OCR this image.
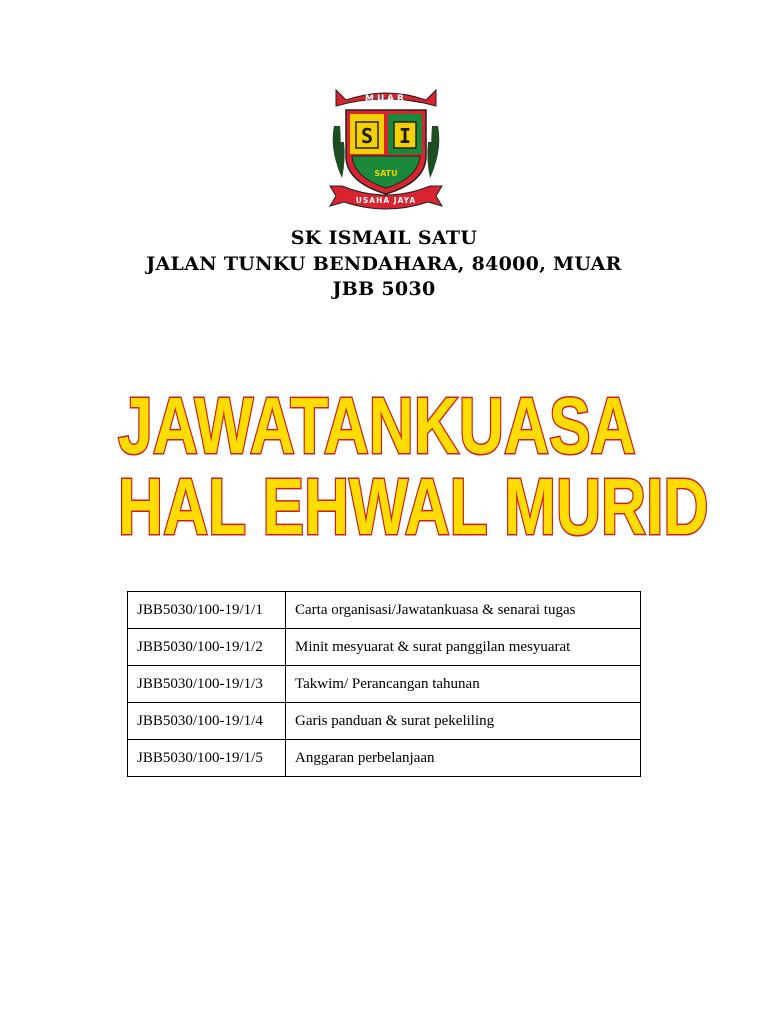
MUAR
S I
SATU
USAHA JAYA
SK ISMAIL SATU
JALAN TUNKU BENDAHARA, 84000, MUAR
JBB 5030
JAWATANKUASA
HAL EHWAL MURID
JBB5030/100-19/1/1	Carta organisasi/Jawatankuasa & senarai tugas
JBB5030/100-19/1/2	Minit mesyuarat & surat panggilan mesyuarat
JBB5030/100-19/1/3	Takwim/ Perancangan tahunan
JBB5030/100-19/1/4	Garis panduan & surat pekeliling
JBB5030/100-19/1/5	Anggaran perbelanjaan
